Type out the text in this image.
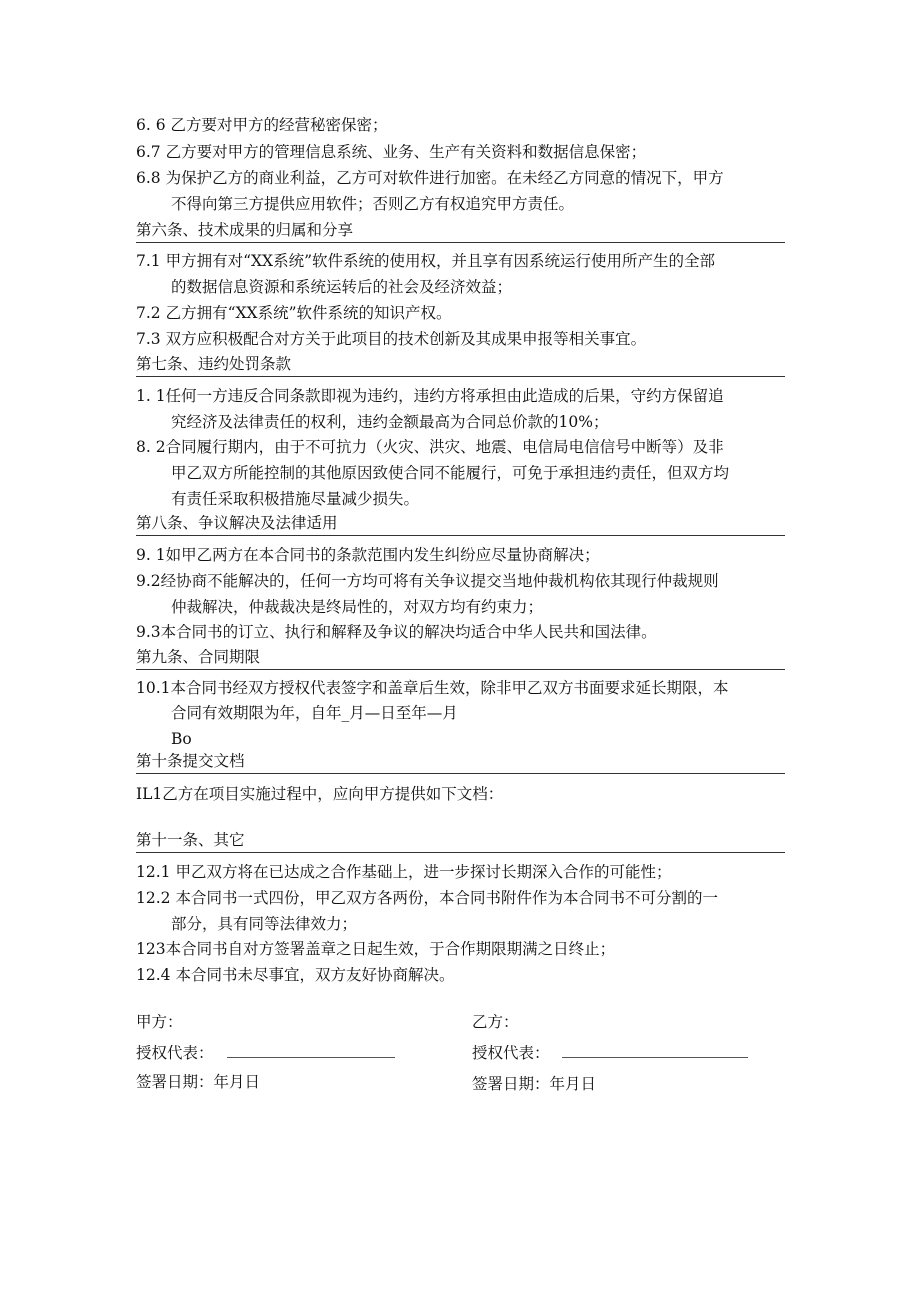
6. 6 乙方要对甲方的经营秘密保密；
6.7 乙方要对甲方的管理信息系统、业务、生产有关资料和数据信息保密；
6.8 为保护乙方的商业利益，乙方可对软件进行加密。在未经乙方同意的情况下，甲方
不得向第三方提供应用软件；否则乙方有权追究甲方责任。
第六条、技术成果的归属和分享
7.1 甲方拥有对“XX系统”软件系统的使用权，并且享有因系统运行使用所产生的全部
的数据信息资源和系统运转后的社会及经济效益；
7.2 乙方拥有“XX系统”软件系统的知识产权。
7.3 双方应积极配合对方关于此项目的技术创新及其成果申报等相关事宜。
第七条、违约处罚条款
1. 1任何一方违反合同条款即视为违约，违约方将承担由此造成的后果，守约方保留追
究经济及法律责任的权利，违约金额最高为合同总价款的10%；
8. 2合同履行期内，由于不可抗力（火灾、洪灾、地震、电信局电信信号中断等）及非
甲乙双方所能控制的其他原因致使合同不能履行，可免于承担违约责任，但双方均
有责任采取积极措施尽量减少损失。
第八条、争议解决及法律适用
9. 1如甲乙两方在本合同书的条款范围内发生纠纷应尽量协商解决；
9.2经协商不能解决的，任何一方均可将有关争议提交当地仲裁机构依其现行仲裁规则
仲裁解决，仲裁裁决是终局性的，对双方均有约束力；
9.3本合同书的订立、执行和解释及争议的解决均适合中华人民共和国法律。
第九条、合同期限
10.1本合同书经双方授权代表签字和盖章后生效，除非甲乙双方书面要求延长期限，本
合同有效期限为年，自年_月—日至年—月
Bo
第十条提交文档
IL1乙方在项目实施过程中，应向甲方提供如下文档：
第十一条、其它
12.1 甲乙双方将在已达成之合作基础上，进一步探讨长期深入合作的可能性；
12.2 本合同书一式四份，甲乙双方各两份，本合同书附件作为本合同书不可分割的一
部分，具有同等法律效力；
123本合同书自对方签署盖章之日起生效，于合作期限期满之日终止；
12.4 本合同书未尽事宜，双方友好协商解决。
甲方：	乙方：
授权代表：	授权代表：
签署日期：年月日	签署日期：年月日
